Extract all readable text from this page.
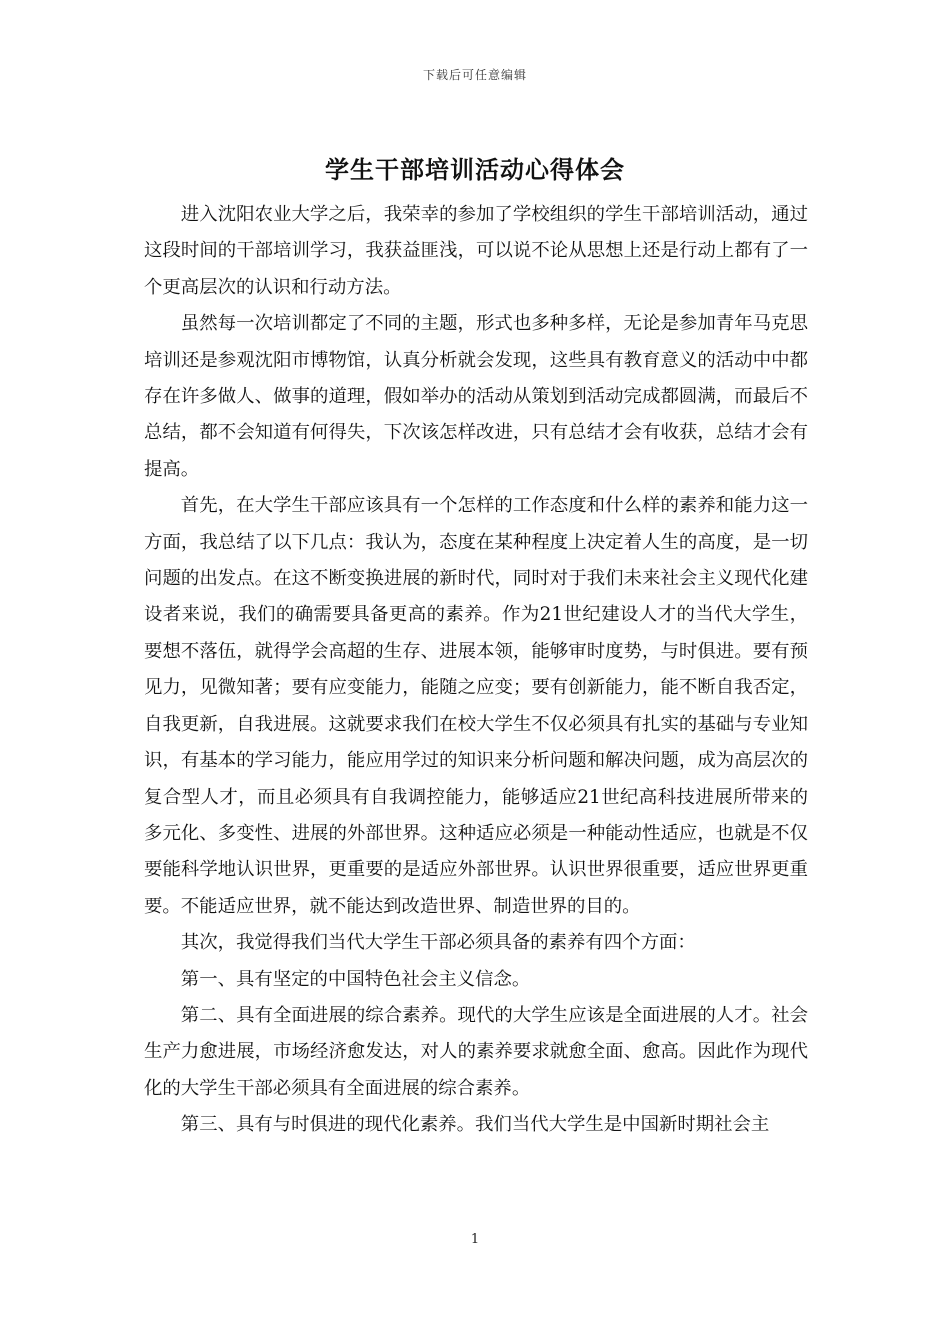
下载后可任意编辑
学生干部培训活动心得体会

进入沈阳农业大学之后，我荣幸的参加了学校组织的学生干部培训活动，通过这段时间的干部培训学习，我获益匪浅，可以说不论从思想上还是行动上都有了一个更高层次的认识和行动方法。

虽然每一次培训都定了不同的主题，形式也多种多样，无论是参加青年马克思培训还是参观沈阳市博物馆，认真分析就会发现，这些具有教育意义的活动中中都存在许多做人、做事的道理，假如举办的活动从策划到活动完成都圆满，而最后不总结，都不会知道有何得失，下次该怎样改进，只有总结才会有收获，总结才会有提高。

首先，在大学生干部应该具有一个怎样的工作态度和什么样的素养和能力这一方面，我总结了以下几点：我认为，态度在某种程度上决定着人生的高度，是一切问题的出发点。在这不断变换进展的新时代，同时对于我们未来社会主义现代化建设者来说，我们的确需要具备更高的素养。作为21世纪建设人才的当代大学生，要想不落伍，就得学会高超的生存、进展本领，能够审时度势，与时俱进。要有预见力，见微知著；要有应变能力，能随之应变；要有创新能力，能不断自我否定，自我更新，自我进展。这就要求我们在校大学生不仅必须具有扎实的基础与专业知识，有基本的学习能力，能应用学过的知识来分析问题和解决问题，成为高层次的复合型人才，而且必须具有自我调控能力，能够适应21世纪高科技进展所带来的多元化、多变性、进展的外部世界。这种适应必须是一种能动性适应，也就是不仅要能科学地认识世界，更重要的是适应外部世界。认识世界很重要，适应世界更重要。不能适应世界，就不能达到改造世界、制造世界的目的。

其次，我觉得我们当代大学生干部必须具备的素养有四个方面：

第一、具有坚定的中国特色社会主义信念。

第二、具有全面进展的综合素养。现代的大学生应该是全面进展的人才。社会生产力愈进展，市场经济愈发达，对人的素养要求就愈全面、愈高。因此作为现代化的大学生干部必须具有全面进展的综合素养。

第三、具有与时俱进的现代化素养。我们当代大学生是中国新时期社会主

1
